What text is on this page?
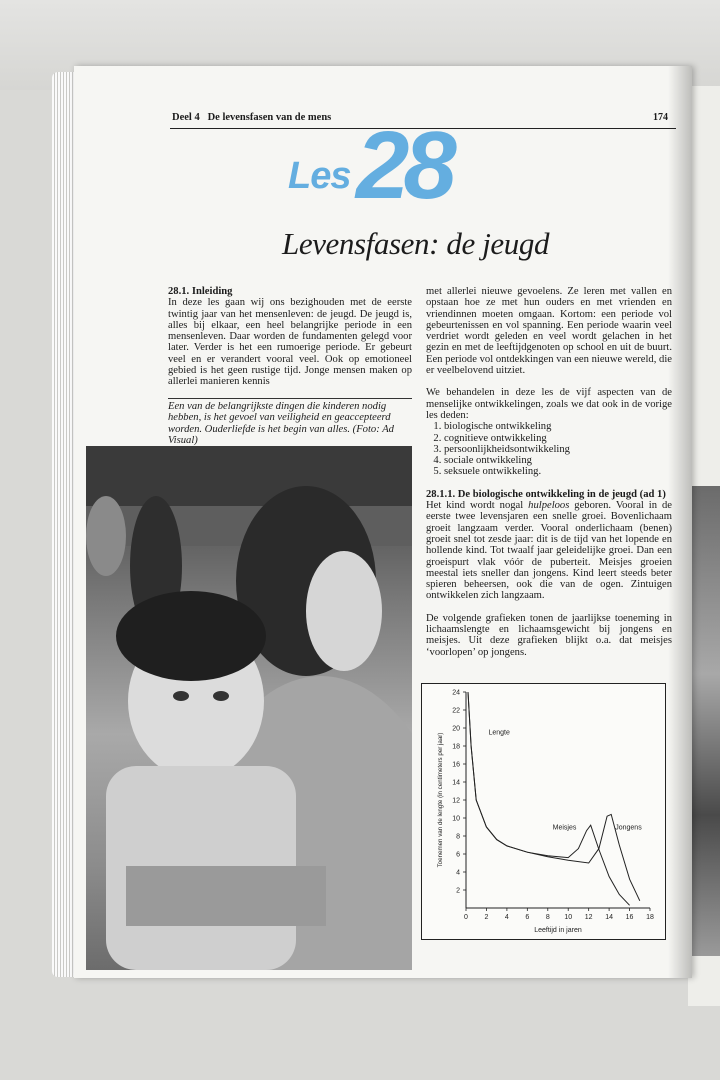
Deel 4 De levensfasen van de mens	174
Les 28
Levensfasen: de jeugd

28.1. Inleiding

In deze les gaan wij ons bezighouden met de eerste twintig jaar van het mensenleven: de jeugd. De jeugd is, alles bij elkaar, een heel belangrijke periode in een mensenleven. Daar worden de fundamenten gelegd voor later. Verder is het een rumoerige periode. Er gebeurt veel en er verandert vooral veel. Ook op emotioneel gebied is het geen rustige tijd. Jonge mensen maken op allerlei manieren kennis

Een van de belangrijkste dingen die kinderen nodig hebben, is het gevoel van veiligheid en geaccepteerd worden. Ouderliefde is het begin van alles. (Foto: Ad Visual)

met allerlei nieuwe gevoelens. Ze leren met vallen en opstaan hoe ze met hun ouders en met vrienden en vriendinnen moeten omgaan. Kortom: een periode vol gebeurtenissen en vol spanning. Een periode waarin veel verdriet wordt geleden en veel wordt gelachen in het gezin en met de leeftijdgenoten op school en uit de buurt. Een periode vol ontdekkingen van een nieuwe wereld, die er veelbelovend uitziet.

We behandelen in deze les de vijf aspecten van de menselijke ontwikkelingen, zoals we dat ook in de vorige les deden:

1. biologische ontwikkeling
2. cognitieve ontwikkeling
3. persoonlijkheidsontwikkeling
4. sociale ontwikkeling
5. seksuele ontwikkeling.

28.1.1. De biologische ontwikkeling in de jeugd (ad 1)

Het kind wordt nogal hulpeloos geboren. Vooral in de eerste twee levensjaren een snelle groei. Bovenlichaam groeit langzaam verder. Vooral onderlichaam (benen) groeit snel tot zesde jaar: dit is de tijd van het lopende en hollende kind. Tot twaalf jaar geleidelijke groei. Dan een groeispurt vlak vóór de puberteit. Meisjes groeien meestal iets sneller dan jongens. Kind leert steeds beter spieren beheersen, ook die van de ogen. Zintuigen ontwikkelen zich langzaam.

De volgende grafieken tonen de jaarlijkse toeneming in lichaamslengte en lichaamsgewicht bij jongens en meisjes. Uit deze grafieken blijkt o.a. dat meisjes ‘voorlopen’ op jongens.

2
4
6
8
10
12
14
16
18
20
22
24
0 2 4 6 8 10 12 14 16 18
Leeftijd in jaren
Toenemen van de lengte (in centimeters per jaar)	Meisjes	Jongens
Lengte
